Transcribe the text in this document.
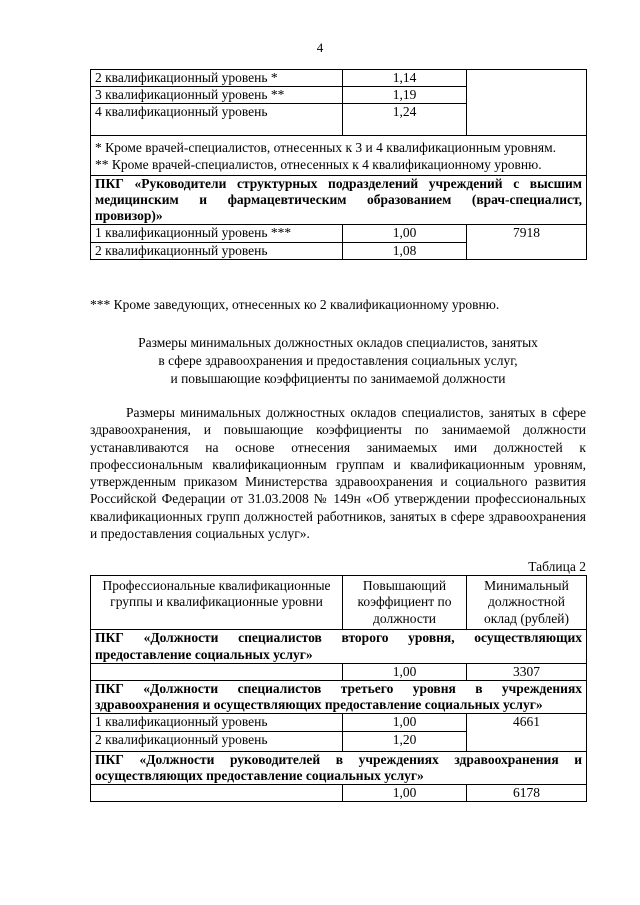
4
2 квалификационный уровень *	1,14	
3 квалификационный уровень **	1,19	
4 квалификационный уровень	1,24	

* Кроме врачей-специалистов, отнесенных к 3 и 4 квалификационным уровням.
** Кроме врачей-специалистов, отнесенных к 4 квалификационному уровню.		

ПКГ «Руководители структурных подразделений учреждений с высшим медицинским и фармацевтическим образованием (врач-специалист, провизор)»		
1 квалификационный уровень ***	1,00	7918
2 квалификационный уровень	1,08	
*** Кроме заведующих, отнесенных ко 2 квалификационному уровню.
Размеры минимальных должностных окладов специалистов, занятых
в сфере здравоохранения и предоставления социальных услуг,
и повышающие коэффициенты по занимаемой должности
Размеры минимальных должностных окладов специалистов, занятых в сфере здравоохранения, и повышающие коэффициенты по занимаемой должности устанавливаются на основе отнесения занимаемых ими должностей к профессиональным квалификационным группам и квалификационным уровням, утвержденным приказом Министерства здравоохранения и социального развития Российской Федерации от 31.03.2008 № 149н «Об утверждении профессиональных квалификационных групп должностей работников, занятых в сфере здравоохранения и предоставления социальных услуг».
Таблица 2
Профессиональные квалификационные группы и квалификационные уровни	Повышающий коэффициент по должности	Минимальный должностной оклад (рублей)
ПКГ «Должности специалистов второго уровня, осуществляющих предоставление социальных услуг»		
	1,00	3307
ПКГ «Должности специалистов третьего уровня в учреждениях здравоохранения и осуществляющих предоставление социальных услуг»		
1 квалификационный уровень	1,00	4661
2 квалификационный уровень	1,20	
ПКГ «Должности руководителей в учреждениях здравоохранения и осуществляющих предоставление социальных услуг»		
	1,00	6178
